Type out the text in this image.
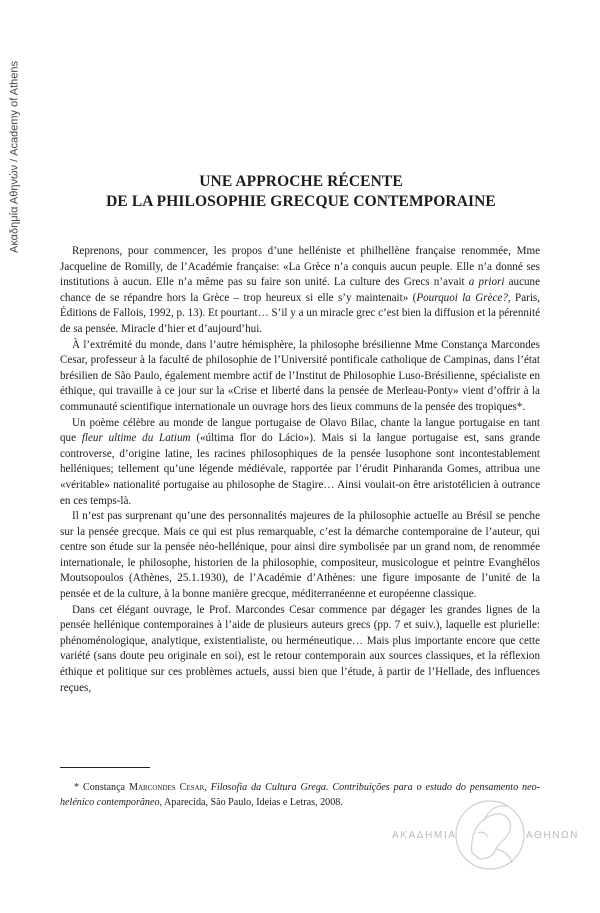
Ακαδημία Αθηνών / Academy of Athens	UNE APPROCHE RÉCENTE
DE LA PHILOSOPHIE GRECQUE CONTEMPORAINE

Reprenons, pour commencer, les propos d’une helléniste et philhellène française renommée, Mme Jacqueline de Romilly, de l’Académie française: «La Grèce n’a conquis aucun peuple. Elle n’a donné ses institutions à aucun. Elle n’a même pas su faire son unité. La culture des Grecs n’avait a priori aucune chance de se répandre hors la Grèce – trop heureux si elle s’y maintenait» (Pourquoi la Grèce?, Paris, Éditions de Fallois, 1992, p. 13). Et pourtant… S’il y a un miracle grec c’est bien la diffusion et la pérennité de sa pensée. Miracle d’hier et d’aujourd’hui.

À l’extrémité du monde, dans l’autre hémisphère, la philosophe brésilienne Mme Constança Marcondes Cesar, professeur à la faculté de philosophie de l’Université pontificale catholique de Campinas, dans l’état brésilien de São Paulo, également membre actif de l’Institut de Philosophie Luso-Brésilienne, spécialiste en éthique, qui travaille à ce jour sur la «Crise et liberté dans la pensée de Merleau-Ponty» vient d’offrir à la communauté scientifique internationale un ouvrage hors des lieux communs de la pensée des tropiques*.

Un poème célèbre au monde de langue portugaise de Olavo Bilac, chante la langue portugaise en tant que fleur ultime du Latium («última flor do Lácio»). Mais si la langue portugaise est, sans grande controverse, d’origine latine, les racines philosophiques de la pensée lusophone sont incontestablement helléniques; tellement qu’une légende médiévale, rapportée par l’érudit Pinharanda Gomes, attribua une «véritable» nationalité portugaise au philosophe de Stagire… Ainsi voulait-on être aristotélicien à outrance en ces temps-là.

Il n’est pas surprenant qu’une des personnalités majeures de la philosophie actuelle au Brésil se penche sur la pensée grecque. Mais ce qui est plus remarquable, c’est la démarche contemporaine de l’auteur, qui centre son étude sur la pensée néo-hellénique, pour ainsi dire symbolisée par un grand nom, de renommée internationale, le philosophe, historien de la philosophie, compositeur, musicologue et peintre Evanghélos Moutsopoulos (Athènes, 25.1.1930), de l’Académie d’Athènes: une figure imposante de l’unité de la pensée et de la culture, à la bonne manière grecque, méditerranéenne et européenne classique.

Dans cet élégant ouvrage, le Prof. Marcondes Cesar commence par dégager les grandes lignes de la pensée hellénique contemporaines à l’aide de plusieurs auteurs grecs (pp. 7 et suiv.), laquelle est plurielle: phénoménologique, analytique, existentialiste, ou herméneutique… Mais plus importante encore que cette variété (sans doute peu originale en soi), est le retour contemporain aux sources classiques, et la réflexion éthique et politique sur ces problèmes actuels, aussi bien que l’étude, à partir de l’Hellade, des influences reçues,

* Constança Marcondes Cesar, Filosofia da Cultura Grega. Contribuições para o estudo do pensamento neo-helénico contemporâneo, Aparecida, São Paulo, Ideias e Letras, 2008.
ΑΚΑΔΗΜΙΑ	ΑΘΗΝΩΝ
